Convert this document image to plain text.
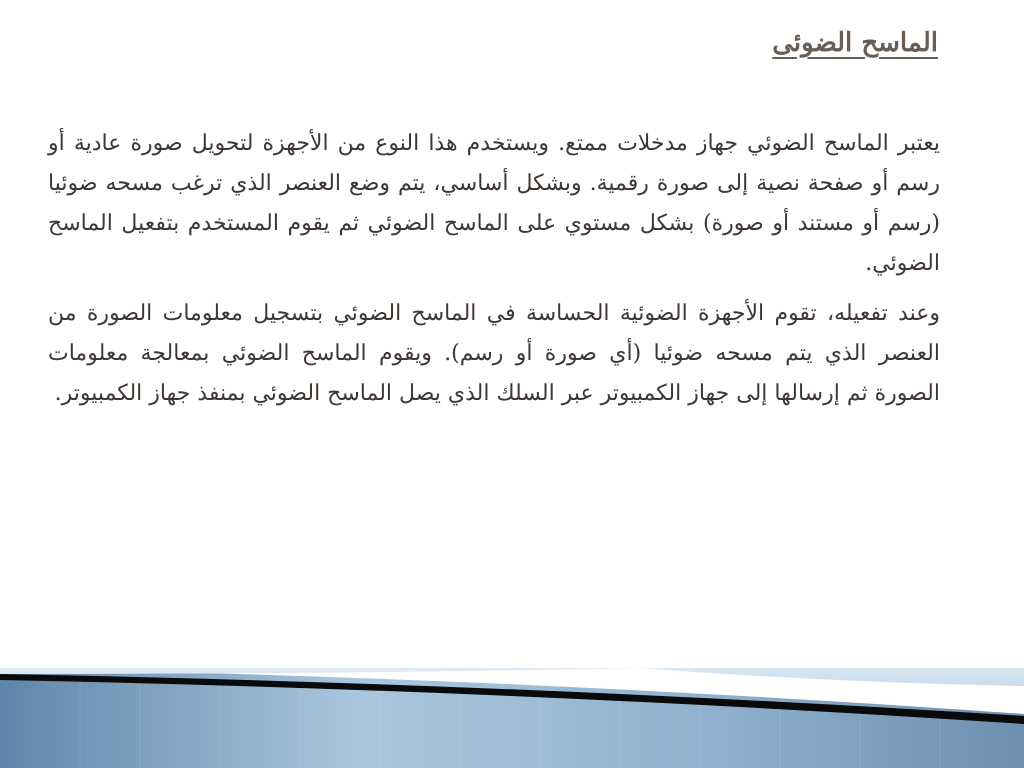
الماسح الضوئى

يعتبر الماسح الضوئي جهاز مدخلات ممتع. ويستخدم هذا النوع من الأجهزة لتحويل صورة عادية أو رسم أو صفحة نصية إلى صورة رقمية. وبشكل أساسي، يتم وضع العنصر الذي ترغب مسحه ضوئيا (رسم أو مستند أو صورة) بشكل مستوي على الماسح الضوئي ثم يقوم المستخدم بتفعيل الماسح الضوئي.

وعند تفعيله، تقوم الأجهزة الضوئية الحساسة في الماسح الضوئي بتسجيل معلومات الصورة من العنصر الذي يتم مسحه ضوئيا (أي صورة أو رسم). ويقوم الماسح الضوئي بمعالجة معلومات الصورة ثم إرسالها إلى جهاز الكمبيوتر عبر السلك الذي يصل الماسح الضوئي بمنفذ جهاز الكمبيوتر.
